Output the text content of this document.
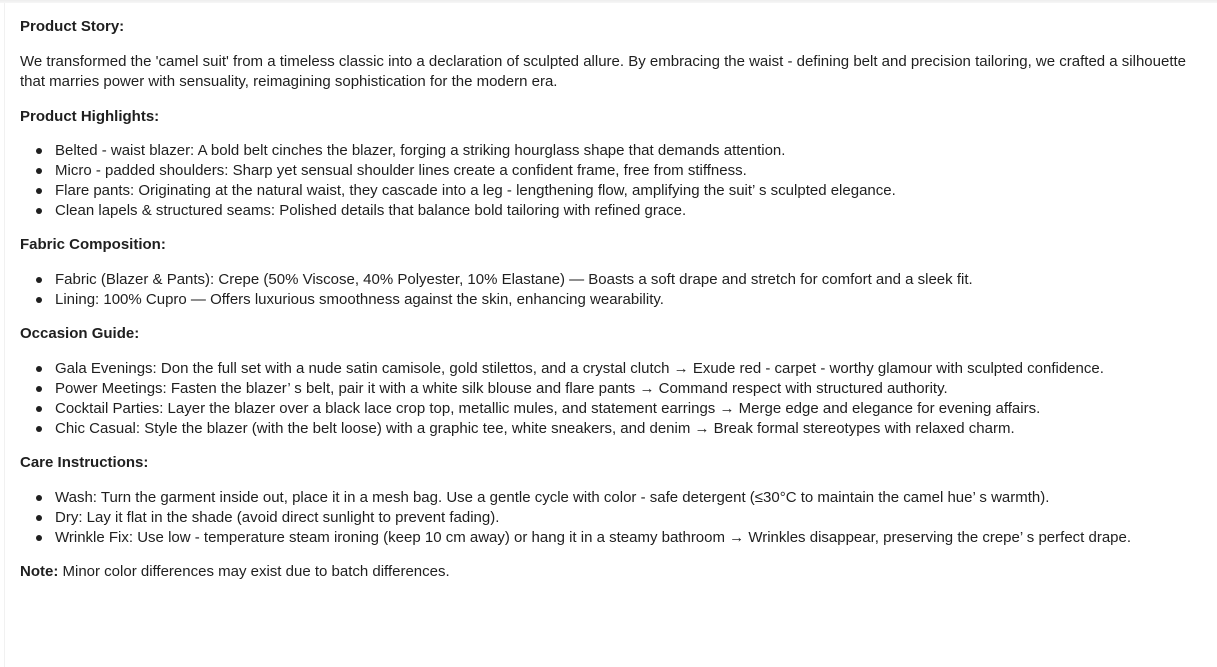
Product Story:

We transformed the 'camel suit' from a timeless classic into a declaration of sculpted allure. By embracing the waist - defining belt and precision tailoring, we crafted a silhouette that marries power with sensuality, reimagining sophistication for the modern era.

Product Highlights:

Belted - waist blazer: A bold belt cinches the blazer, forging a striking hourglass shape that demands attention.
Micro - padded shoulders: Sharp yet sensual shoulder lines create a confident frame, free from stiffness.
Flare pants: Originating at the natural waist, they cascade into a leg - lengthening flow, amplifying the suit’ s sculpted elegance.
Clean lapels & structured seams: Polished details that balance bold tailoring with refined grace.

Fabric Composition:

Fabric (Blazer & Pants): Crepe (50% Viscose, 40% Polyester, 10% Elastane) — Boasts a soft drape and stretch for comfort and a sleek fit.
Lining: 100% Cupro — Offers luxurious smoothness against the skin, enhancing wearability.

Occasion Guide:

Gala Evenings: Don the full set with a nude satin camisole, gold stilettos, and a crystal clutch → Exude red - carpet - worthy glamour with sculpted confidence.
Power Meetings: Fasten the blazer’ s belt, pair it with a white silk blouse and flare pants → Command respect with structured authority.
Cocktail Parties: Layer the blazer over a black lace crop top, metallic mules, and statement earrings → Merge edge and elegance for evening affairs.
Chic Casual: Style the blazer (with the belt loose) with a graphic tee, white sneakers, and denim → Break formal stereotypes with relaxed charm.

Care Instructions:

Wash: Turn the garment inside out, place it in a mesh bag. Use a gentle cycle with color - safe detergent (≤30°C to maintain the camel hue’ s warmth).
Dry: Lay it flat in the shade (avoid direct sunlight to prevent fading).
Wrinkle Fix: Use low - temperature steam ironing (keep 10 cm away) or hang it in a steamy bathroom → Wrinkles disappear, preserving the crepe’ s perfect drape.

Note: Minor color differences may exist due to batch differences.
